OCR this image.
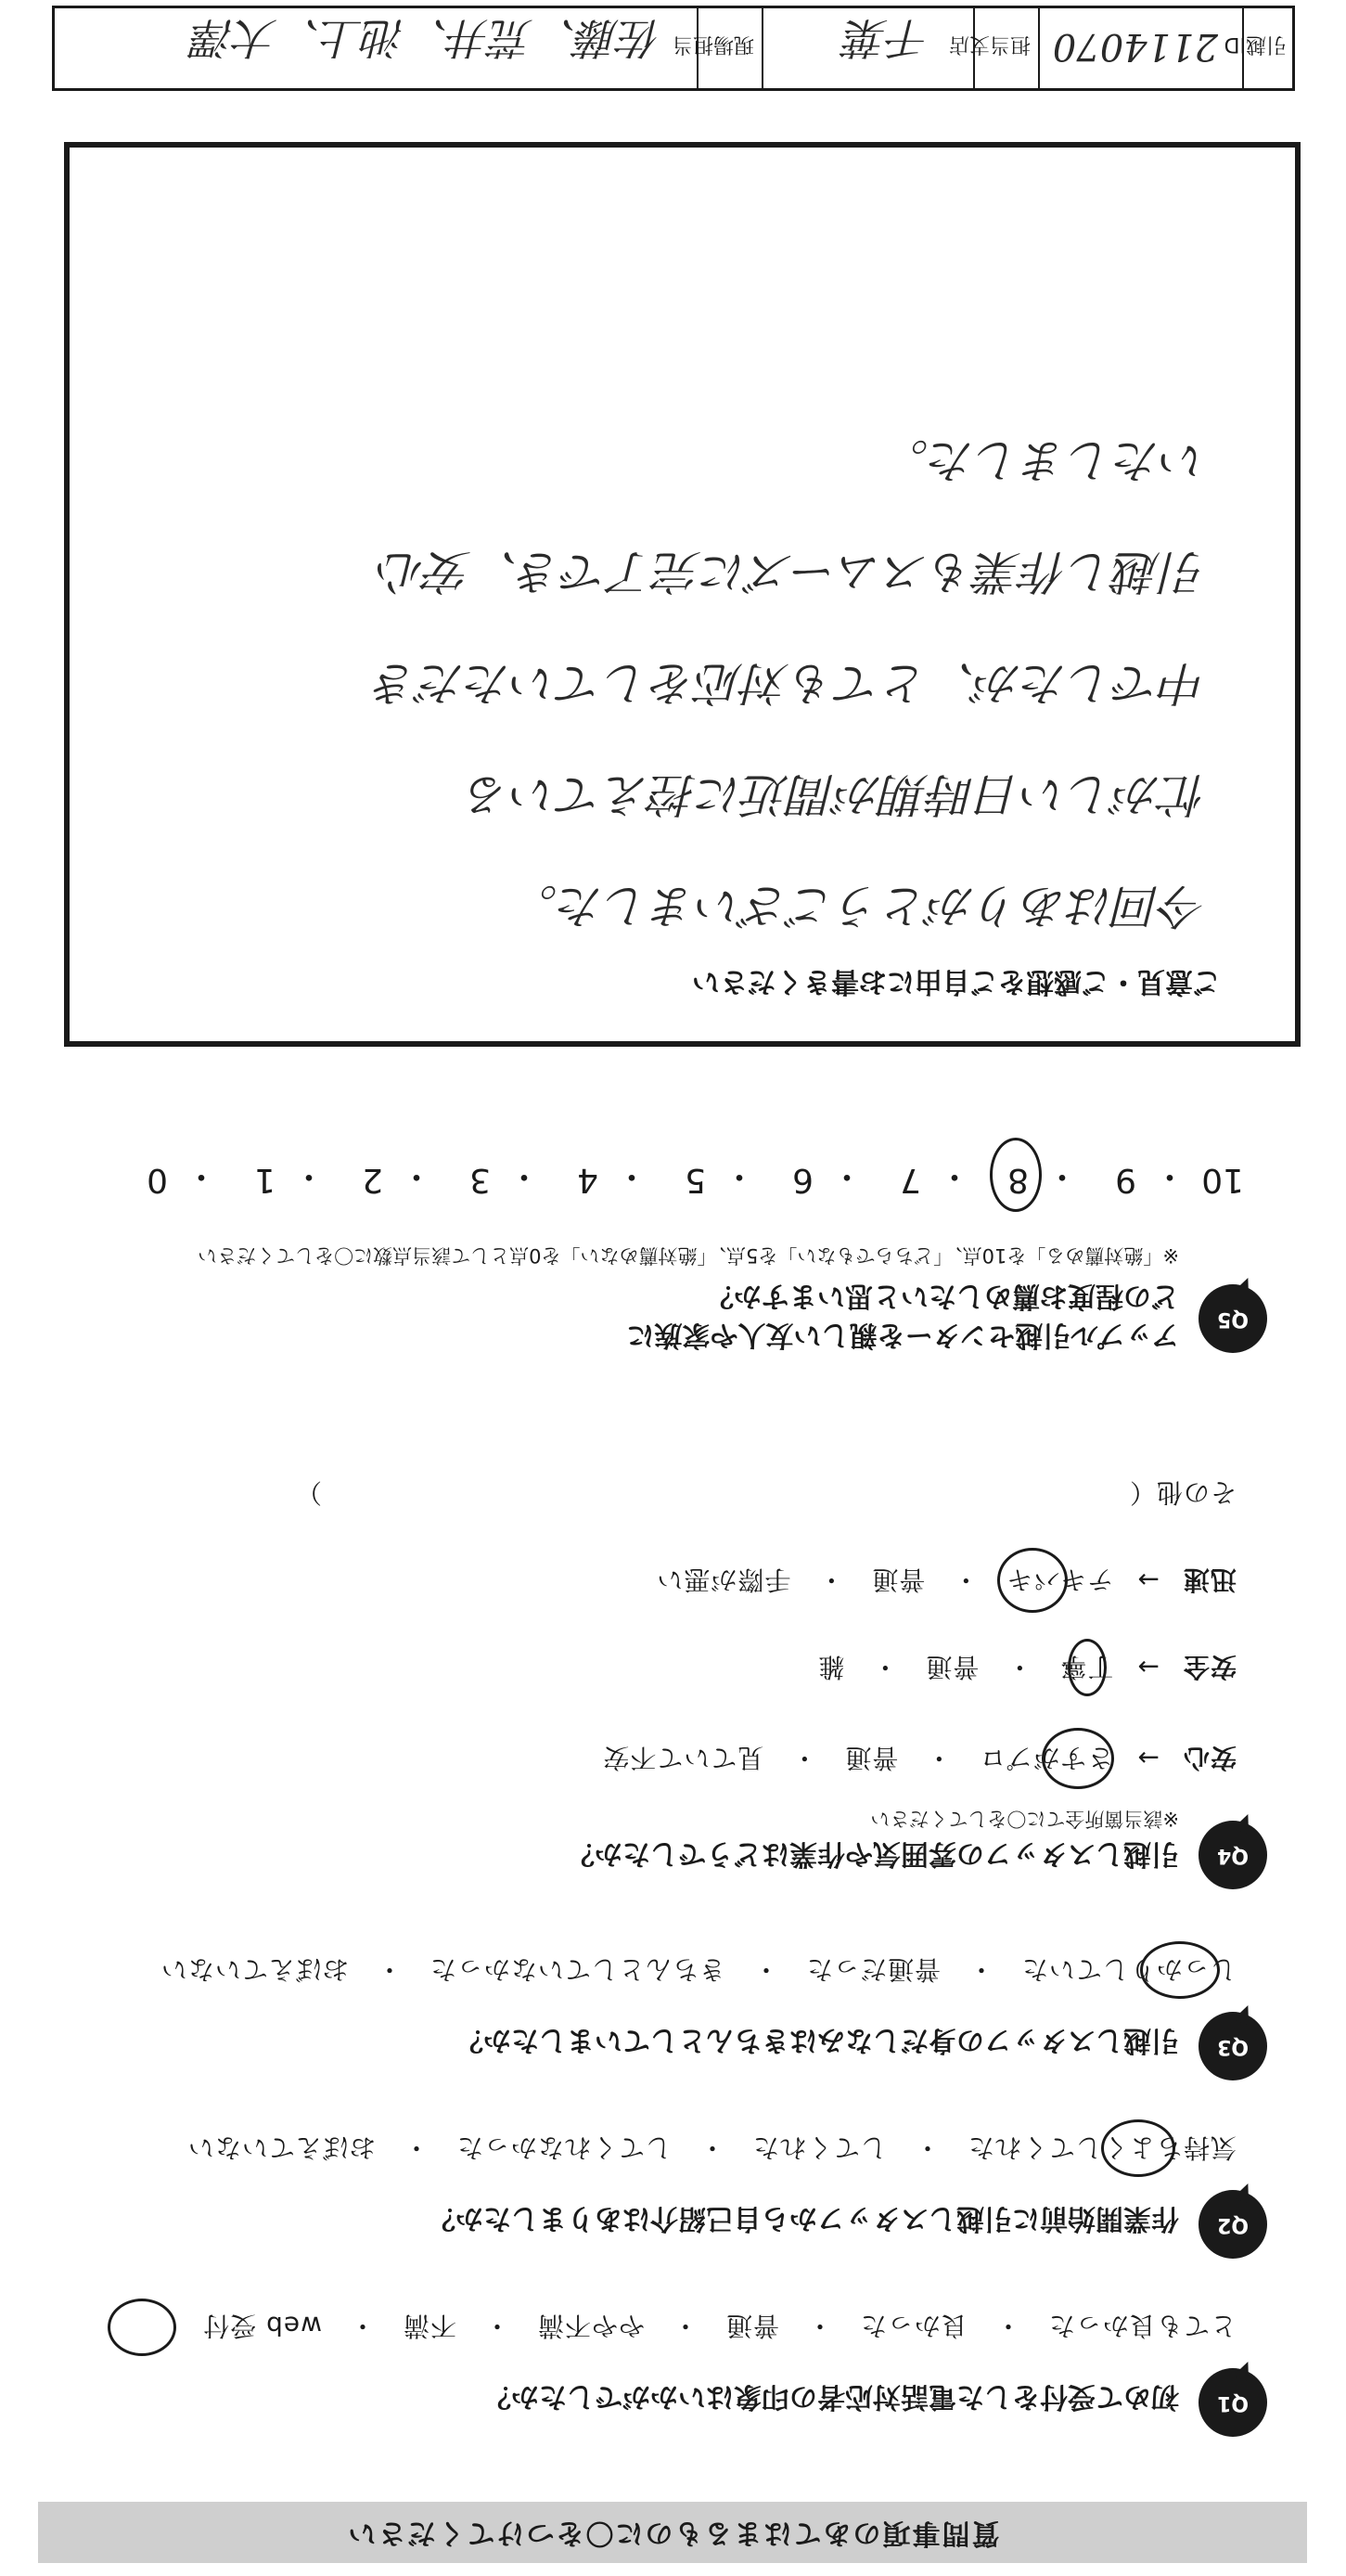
質問事項のあてはまるものに〇をつけてください
Q1
初めて受付をした電話対応者の印象はいかがでしたか？
とても良かった　・　良かった　・　普通　・　やや不満　・　不満　・　web 受付
Q2
作業開始前に引越しスタッフから自己紹介はありましたか？
気持ちよくしてくれた　・　してくれた　・　してくれなかった　・　おぼえていない
Q3
引越しスタッフの身だしなみはきちんとしていましたか？
しっかりしていた　・　普通だった　・　きちんとしていなかった　・　おぼえていない
Q4
引越しスタッフの雰囲気や作業はどうでしたか？
※該当箇所全てに〇をしてください
安心 → さすがプロ　・　普通　・　見ていて不安
安全 → 丁寧　・　普通　・　雑
迅速 → テキパキ　・　普通　・　手際が悪い
その他（　　　　　　　　　　　　　　　　　　　　　　　　　　　　　　）
Q5
アップル引越センターを親しい友人や家族に
どの程度お薦めしたいと思いますか？
※「絶対薦める」を10点、「どちらでもない」を5点、「絶対薦めない」を0点として該当点数に〇をしてください
10
・
9
・
8
・
7
・
6
・
5
・
4
・
3
・
2
・
1
・
0
ご意見・ご感想をご自由にお書きください
今回はありがとうございました。
忙がしい日時期が間近に控えている
中でしたが、とても対応をしていただき
引越し作業もスムーズに完了でき、安心
いたしました。
引越ID
2114070
担当支店
千葉
現場担当
佐藤、荒井、池上、大澤
